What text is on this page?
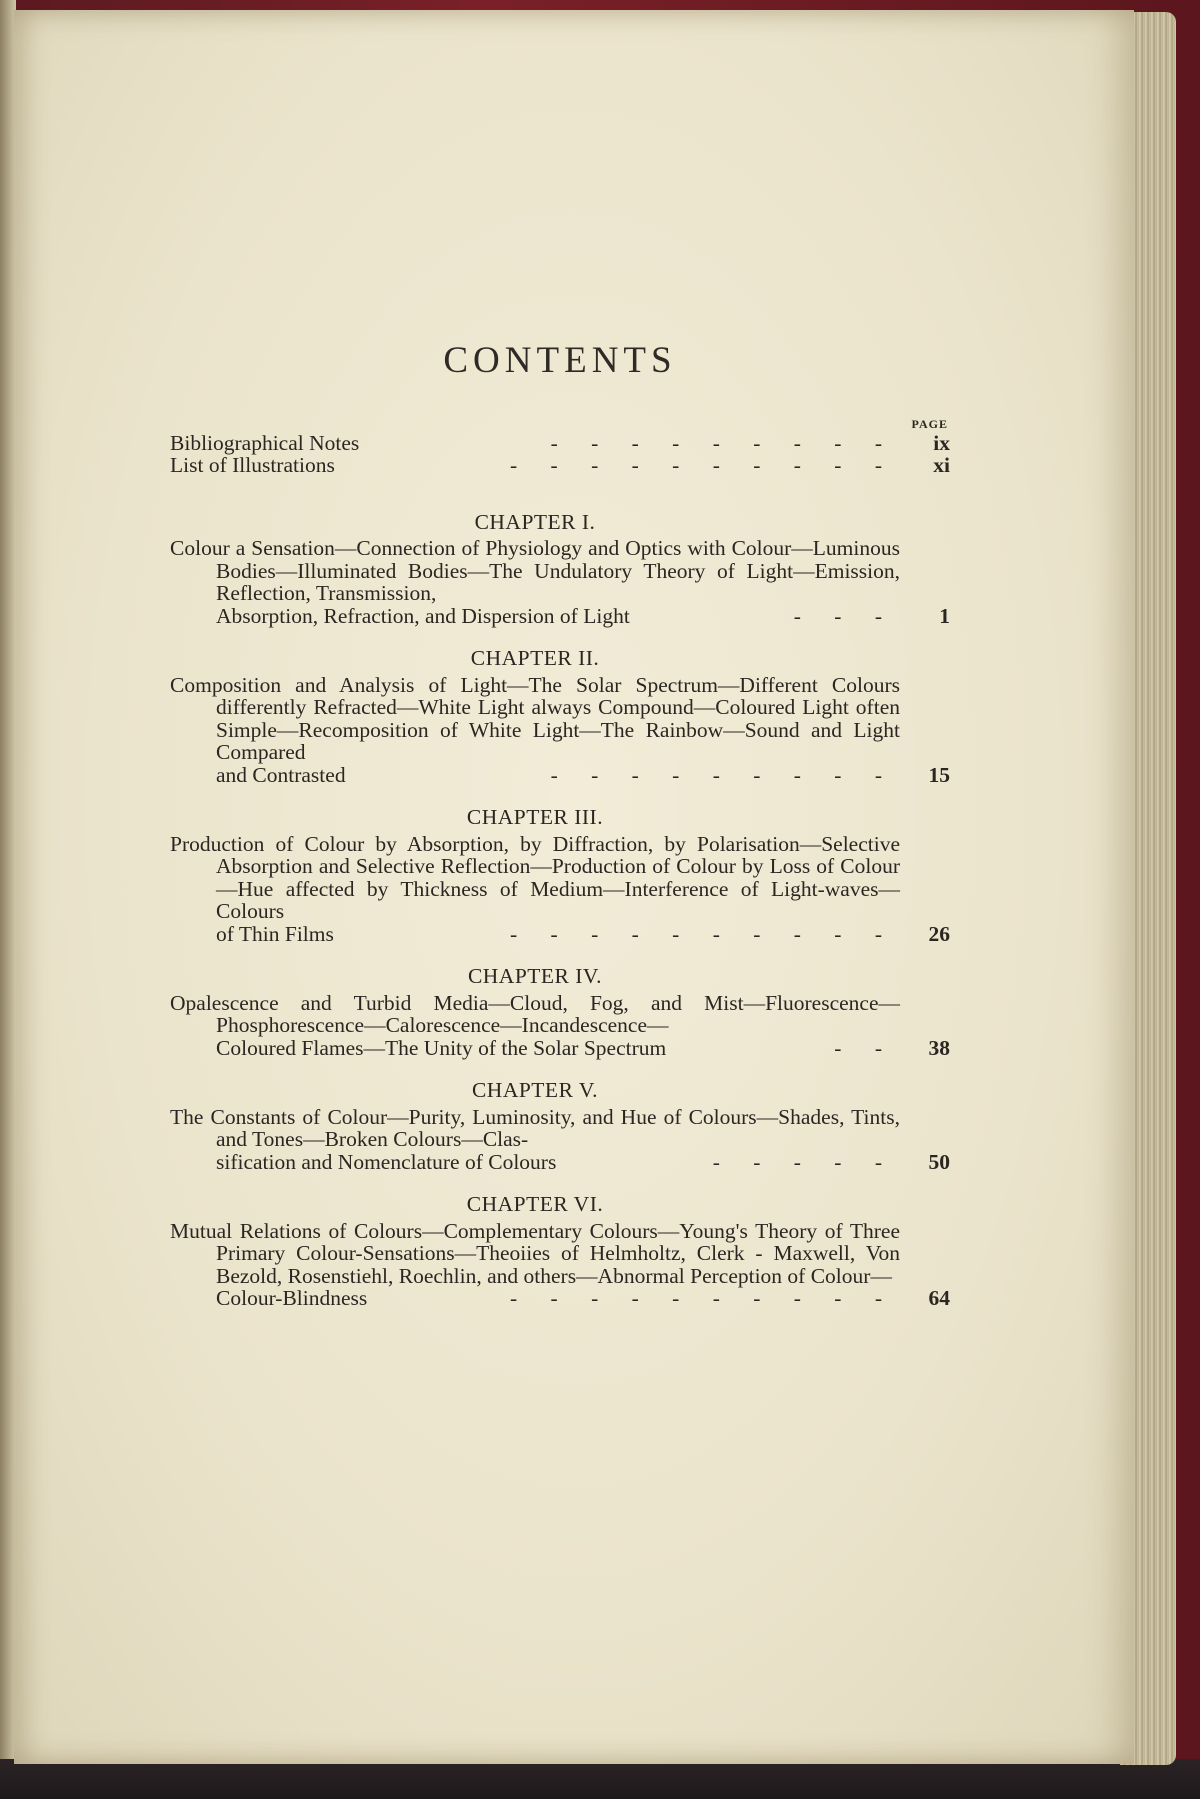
CONTENTS
PAGE
Bibliographical Notes	- - - - - - - - -	ix
List of Illustrations	- - - - - - - - - -	xi
CHAPTER I.
Colour a Sensation—Connection of Physiology and Optics with Colour—Luminous Bodies—Illuminated Bodies—The Undulatory Theory of Light—Emission, Reflection, Transmission,
Absorption, Refraction, and Dispersion of Light	- - -	1
CHAPTER II.
Composition and Analysis of Light—The Solar Spectrum—Different Colours differently Refracted—White Light always Compound—Coloured Light often Simple—Recomposition of White Light—The Rainbow—Sound and Light Compared
and Contrasted	- - - - - - - - -	15
CHAPTER III.
Production of Colour by Absorption, by Diffraction, by Polarisation—Selective Absorption and Selective Reflection—Production of Colour by Loss of Colour—Hue affected by Thickness of Medium—Interference of Light-waves—Colours
of Thin Films	- - - - - - - - - -	26
CHAPTER IV.
Opalescence and Turbid Media—Cloud, Fog, and Mist—Fluorescence—Phosphorescence—Calorescence—Incandescence—
Coloured Flames—The Unity of the Solar Spectrum	- -	38
CHAPTER V.
The Constants of Colour—Purity, Luminosity, and Hue of Colours—Shades, Tints, and Tones—Broken Colours—Clas-
sification and Nomenclature of Colours	- - - - -	50
CHAPTER VI.
Mutual Relations of Colours—Complementary Colours—Young's Theory of Three Primary Colour-Sensations—Theoiies of Helmholtz, Clerk - Maxwell, Von Bezold, Rosenstiehl, Roechlin, and others—Abnormal Perception of Colour—
Colour-Blindness	- - - - - - - - - -	64
